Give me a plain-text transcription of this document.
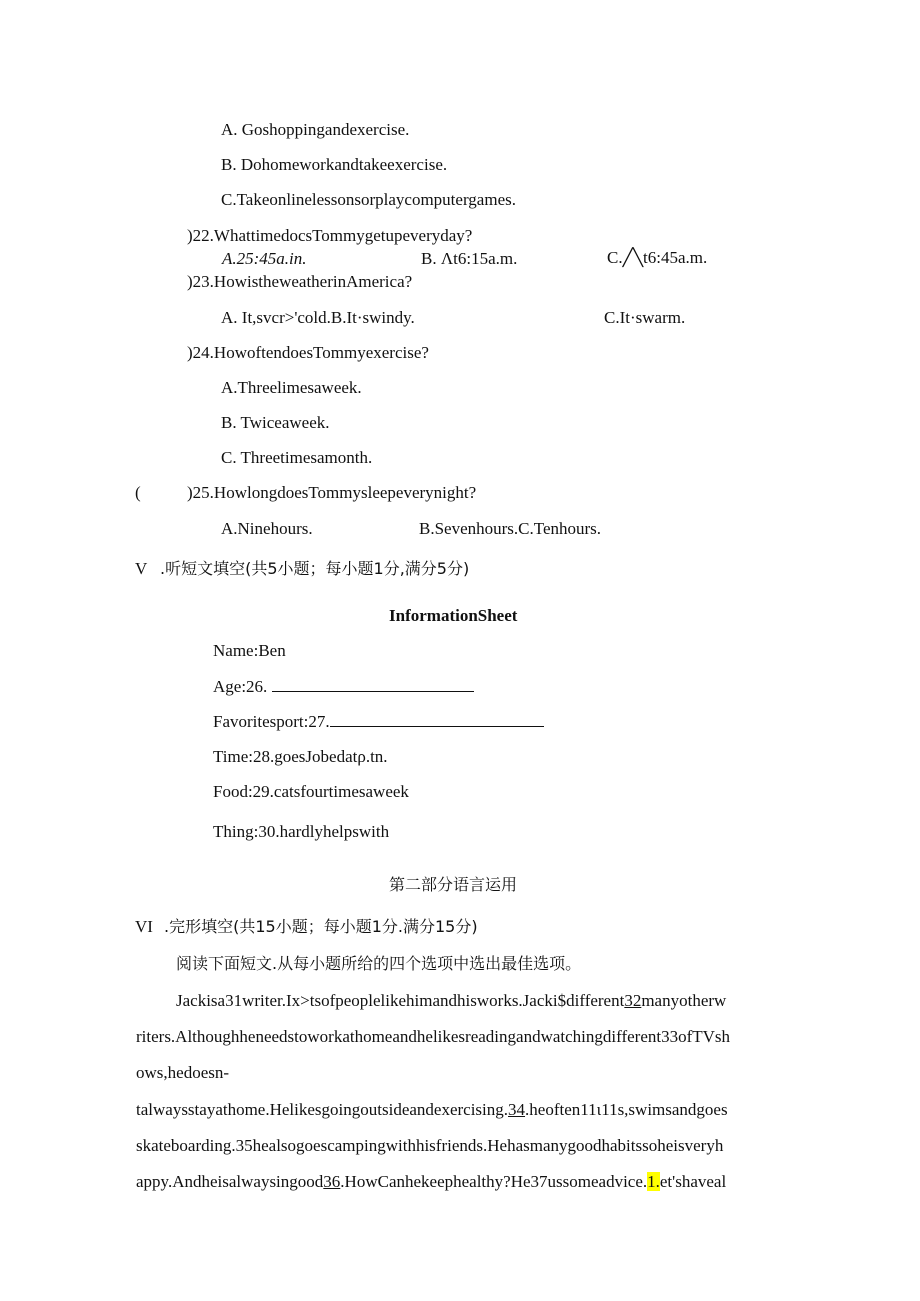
A. Goshoppingandexercise.
B. Dohomeworkandtakeexercise.
C.Takeonlinelessonsorplaycomputergames.
)22.WhattimedocsTommygetupeveryday?
A.25:45a.in.	B. Λt6:15a.m.	C.╱╲t6:45a.m.
)23.HowistheweatherinAmerica?
A. It,svcr>'cold.B.It·swindy.	C.It·swarm.
)24.HowoftendoesTommyexercise?
A.Threelimesaweek.
B. Twiceaweek.
C. Threetimesamonth.
(	)25.HowlongdoesTommysleepeverynight?
A.Ninehours.	B.Sevenhours.C.Tenhours.
V .听短文填空(共5小题；每小题1分,满分5分)
InformationSheet
Name:Ben
Age:26.
Favoritesport:27.
Time:28.goesJobedatρ.tn.
Food:29.catsfourtimesaweek
Thing:30.hardlyhelpswith
第二部分语言运用
VI .完形填空(共15小题；每小题1分.满分15分)
阅读下面短文.从每小题所给的四个选项中选出最佳选项。
Jackisa31writer.Ix>tsofpeoplelikehimandhisworks.Jacki$different32manyotherw
riters.Althoughheneedstoworkathomeandhelikesreadingandwatchingdifferent33ofTVsh
ows,hedoesn-
talwaysstayathome.Helikesgoingoutsideandexercising.34.heoften11ι11s,swimsandgoes
skateboarding.35healsogoescampingwithhisfriends.Hehasmanygoodhabitssoheisveryh
appy.Andheisalwaysingood36.HowCanhekeephealthy?He37ussomeadvice.1.et'shaveal
